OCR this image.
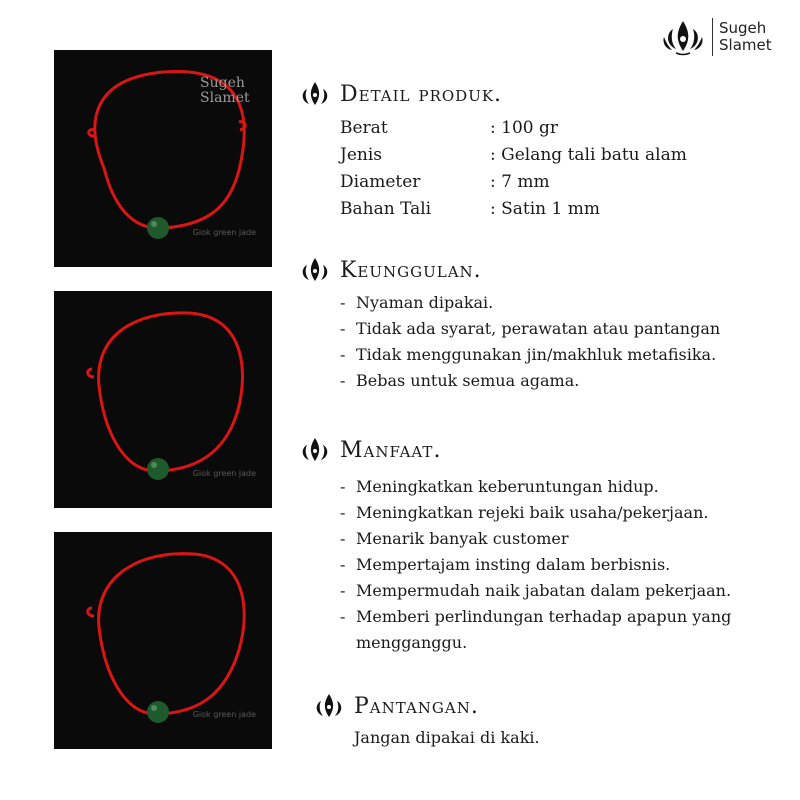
Sugeh
Slamet
Sugeh
Slamet
Giok green jade
Giok green jade
Giok green jade
Detail produk.
Berat	: 100 gr
Jenis	: Gelang tali batu alam
Diameter	: 7 mm
Bahan Tali	: Satin 1 mm
Keunggulan.
- Nyaman dipakai.
- Tidak ada syarat, perawatan atau pantangan
- Tidak menggunakan jin/makhluk metafisika.
- Bebas untuk semua agama.
Manfaat.
- Meningkatkan keberuntungan hidup.
- Meningkatkan rejeki baik usaha/pekerjaan.
- Menarik banyak customer
- Mempertajam insting dalam berbisnis.
- Mempermudah naik jabatan dalam pekerjaan.
- Memberi perlindungan terhadap apapun yang mengganggu.
Pantangan.
Jangan dipakai di kaki.
